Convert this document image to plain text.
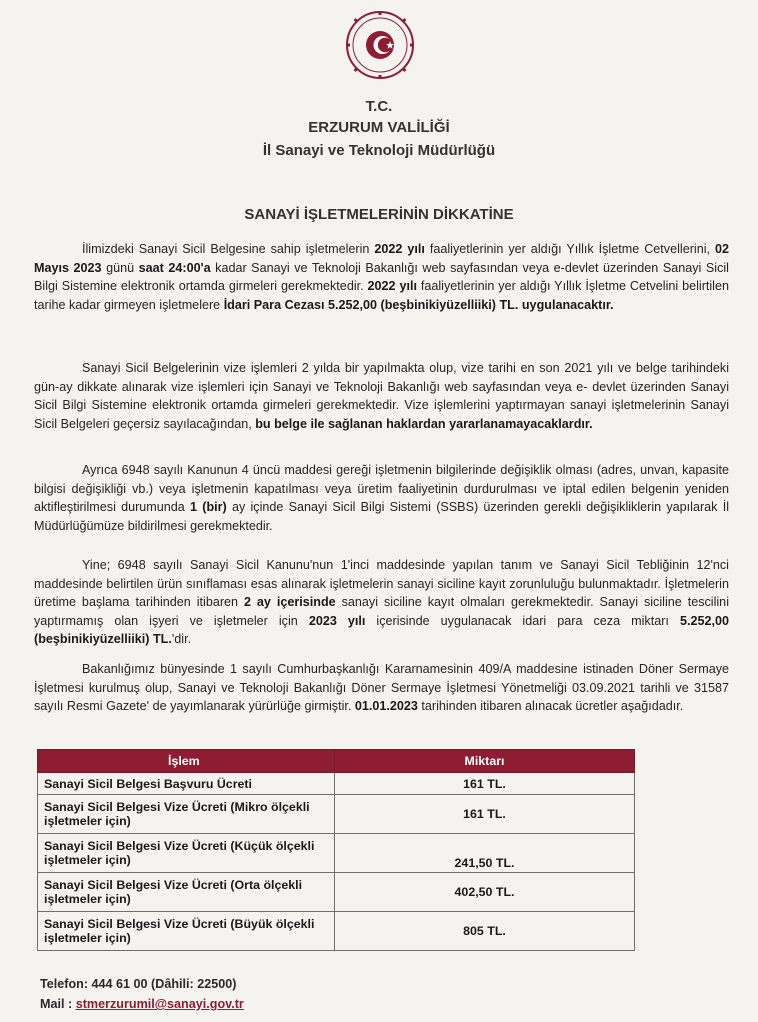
T.C.
ERZURUM VALİLİĞİ
İl Sanayi ve Teknoloji Müdürlüğü
SANAYİ İŞLETMELERİNİN DİKKATİNE
İlimizdeki Sanayi Sicil Belgesine sahip işletmelerin 2022 yılı faaliyetlerinin yer aldığı Yıllık İşletme Cetvellerini, 02 Mayıs 2023 günü saat 24:00'a kadar Sanayi ve Teknoloji Bakanlığı web sayfasından veya e-devlet üzerinden Sanayi Sicil Bilgi Sistemine elektronik ortamda girmeleri gerekmektedir. 2022 yılı faaliyetlerinin yer aldığı Yıllık İşletme Cetvelini belirtilen tarihe kadar girmeyen işletmelere İdari Para Cezası 5.252,00 (beşbinikiyüzelliiki) TL. uygulanacaktır.
Sanayi Sicil Belgelerinin vize işlemleri 2 yılda bir yapılmakta olup, vize tarihi en son 2021 yılı ve belge tarihindeki gün-ay dikkate alınarak vize işlemleri için Sanayi ve Teknoloji Bakanlığı web sayfasından veya e- devlet üzerinden Sanayi Sicil Bilgi Sistemine elektronik ortamda girmeleri gerekmektedir. Vize işlemlerini yaptırmayan sanayi işletmelerinin Sanayi Sicil Belgeleri geçersiz sayılacağından, bu belge ile sağlanan haklardan yararlanamayacaklardır.
Ayrıca 6948 sayılı Kanunun 4 üncü maddesi gereği işletmenin bilgilerinde değişiklik olması (adres, unvan, kapasite bilgisi değişikliği vb.) veya işletmenin kapatılması veya üretim faaliyetinin durdurulması ve iptal edilen belgenin yeniden aktifleştirilmesi durumunda 1 (bir) ay içinde Sanayi Sicil Bilgi Sistemi (SSBS) üzerinden gerekli değişikliklerin yapılarak İl Müdürlüğümüze bildirilmesi gerekmektedir.
Yine; 6948 sayılı Sanayi Sicil Kanunu'nun 1'inci maddesinde yapılan tanım ve Sanayi Sicil Tebliğinin 12'nci maddesinde belirtilen ürün sınıflaması esas alınarak işletmelerin sanayi siciline kayıt zorunluluğu bulunmaktadır. İşletmelerin üretime başlama tarihinden itibaren 2 ay içerisinde sanayi siciline kayıt olmaları gerekmektedir. Sanayi siciline tescilini yaptırmamış olan işyeri ve işletmeler için 2023 yılı içerisinde uygulanacak idari para ceza miktarı 5.252,00 (beşbinikiyüzelliiki) TL.'dir.
Bakanlığımız bünyesinde 1 sayılı Cumhurbaşkanlığı Kararnamesinin 409/A maddesine istinaden Döner Sermaye İşletmesi kurulmuş olup, Sanayi ve Teknoloji Bakanlığı Döner Sermaye İşletmesi Yönetmeliği 03.09.2021 tarihli ve 31587 sayılı Resmi Gazete' de yayımlanarak yürürlüğe girmiştir. 01.01.2023 tarihinden itibaren alınacak ücretler aşağıdadır.
İşlem	Miktarı
Sanayi Sicil Belgesi Başvuru Ücreti	161 TL.
Sanayi Sicil Belgesi Vize Ücreti (Mikro ölçekli işletmeler için)	161 TL.
Sanayi Sicil Belgesi Vize Ücreti (Küçük ölçekli işletmeler için)	241,50 TL.
Sanayi Sicil Belgesi Vize Ücreti (Orta ölçekli işletmeler için)	402,50 TL.
Sanayi Sicil Belgesi Vize Ücreti (Büyük ölçekli işletmeler için)	805 TL.
Telefon: 444 61 00 (Dâhili: 22500)
Mail : stmerzurumil@sanayi.gov.tr
